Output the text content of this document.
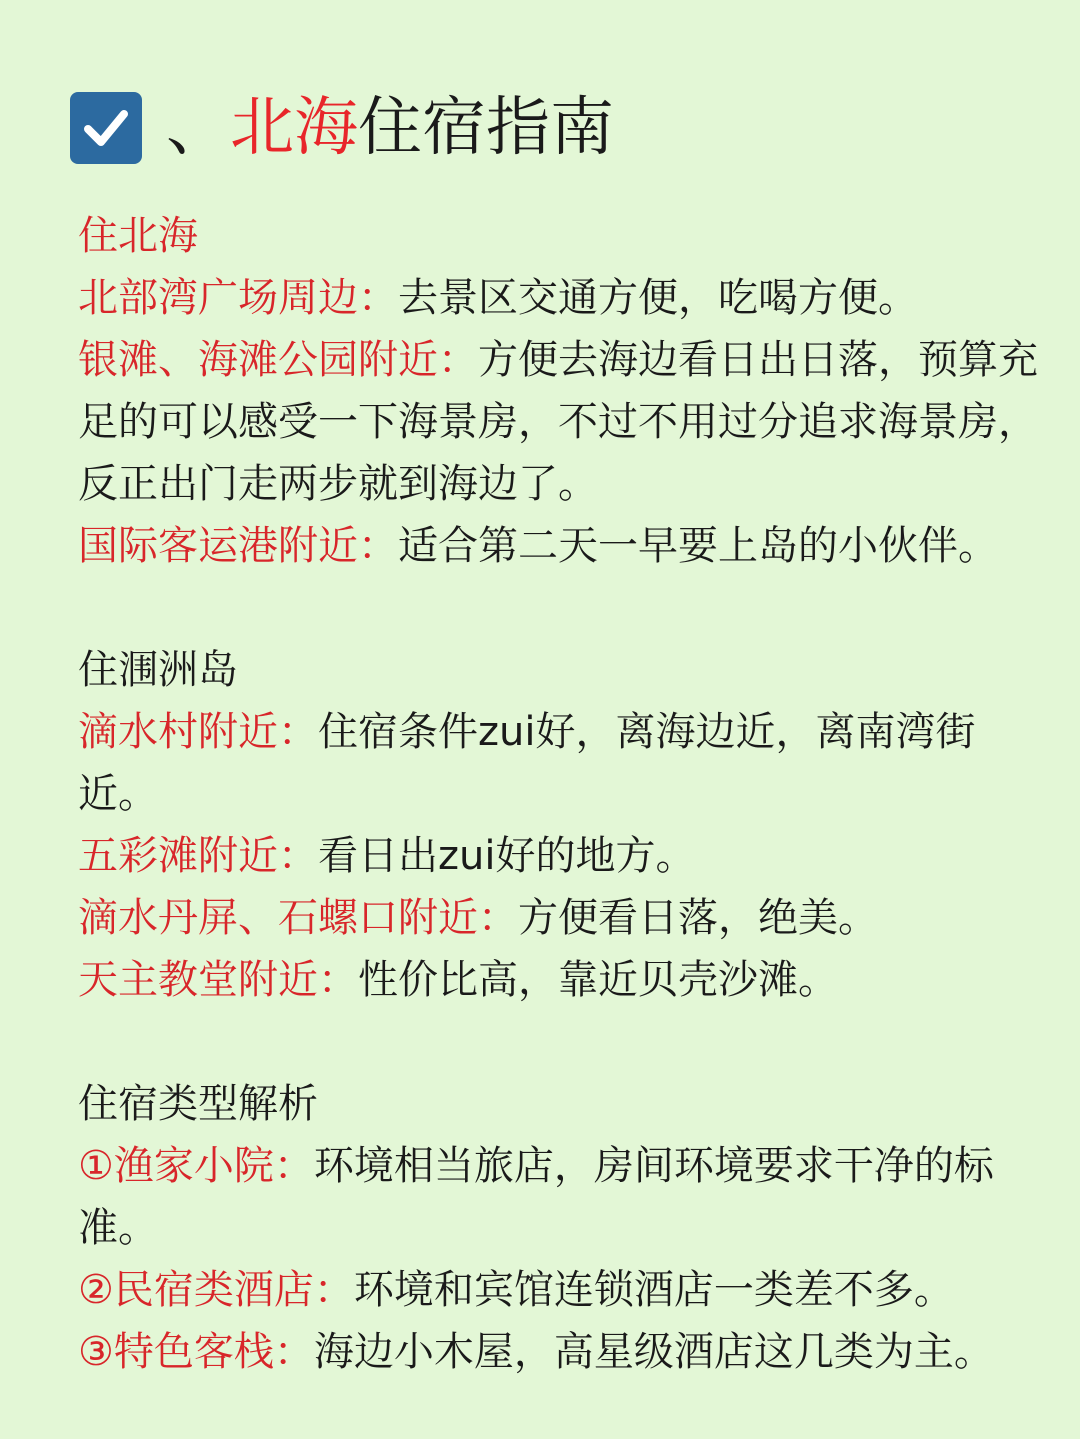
、 北海 住宿指南

住北海

北部湾广场周边：去景区交通方便，吃喝方便。

银滩、海滩公园附近：方便去海边看日出日落，预算充足的可以感受一下海景房，不过不用过分追求海景房，反正出门走两步就到海边了。

国际客运港附近：适合第二天一早要上岛的小伙伴。

住涠洲岛

滴水村附近：住宿条件zui好，离海边近，离南湾街近。

五彩滩附近：看日出zui好的地方。

滴水丹屏、石螺口附近：方便看日落，绝美。

天主教堂附近：性价比高，靠近贝壳沙滩。

住宿类型解析

①渔家小院：环境相当旅店，房间环境要求干净的标准。

②民宿类酒店：环境和宾馆连锁酒店一类差不多。

③特色客栈：海边小木屋，高星级酒店这几类为主。
